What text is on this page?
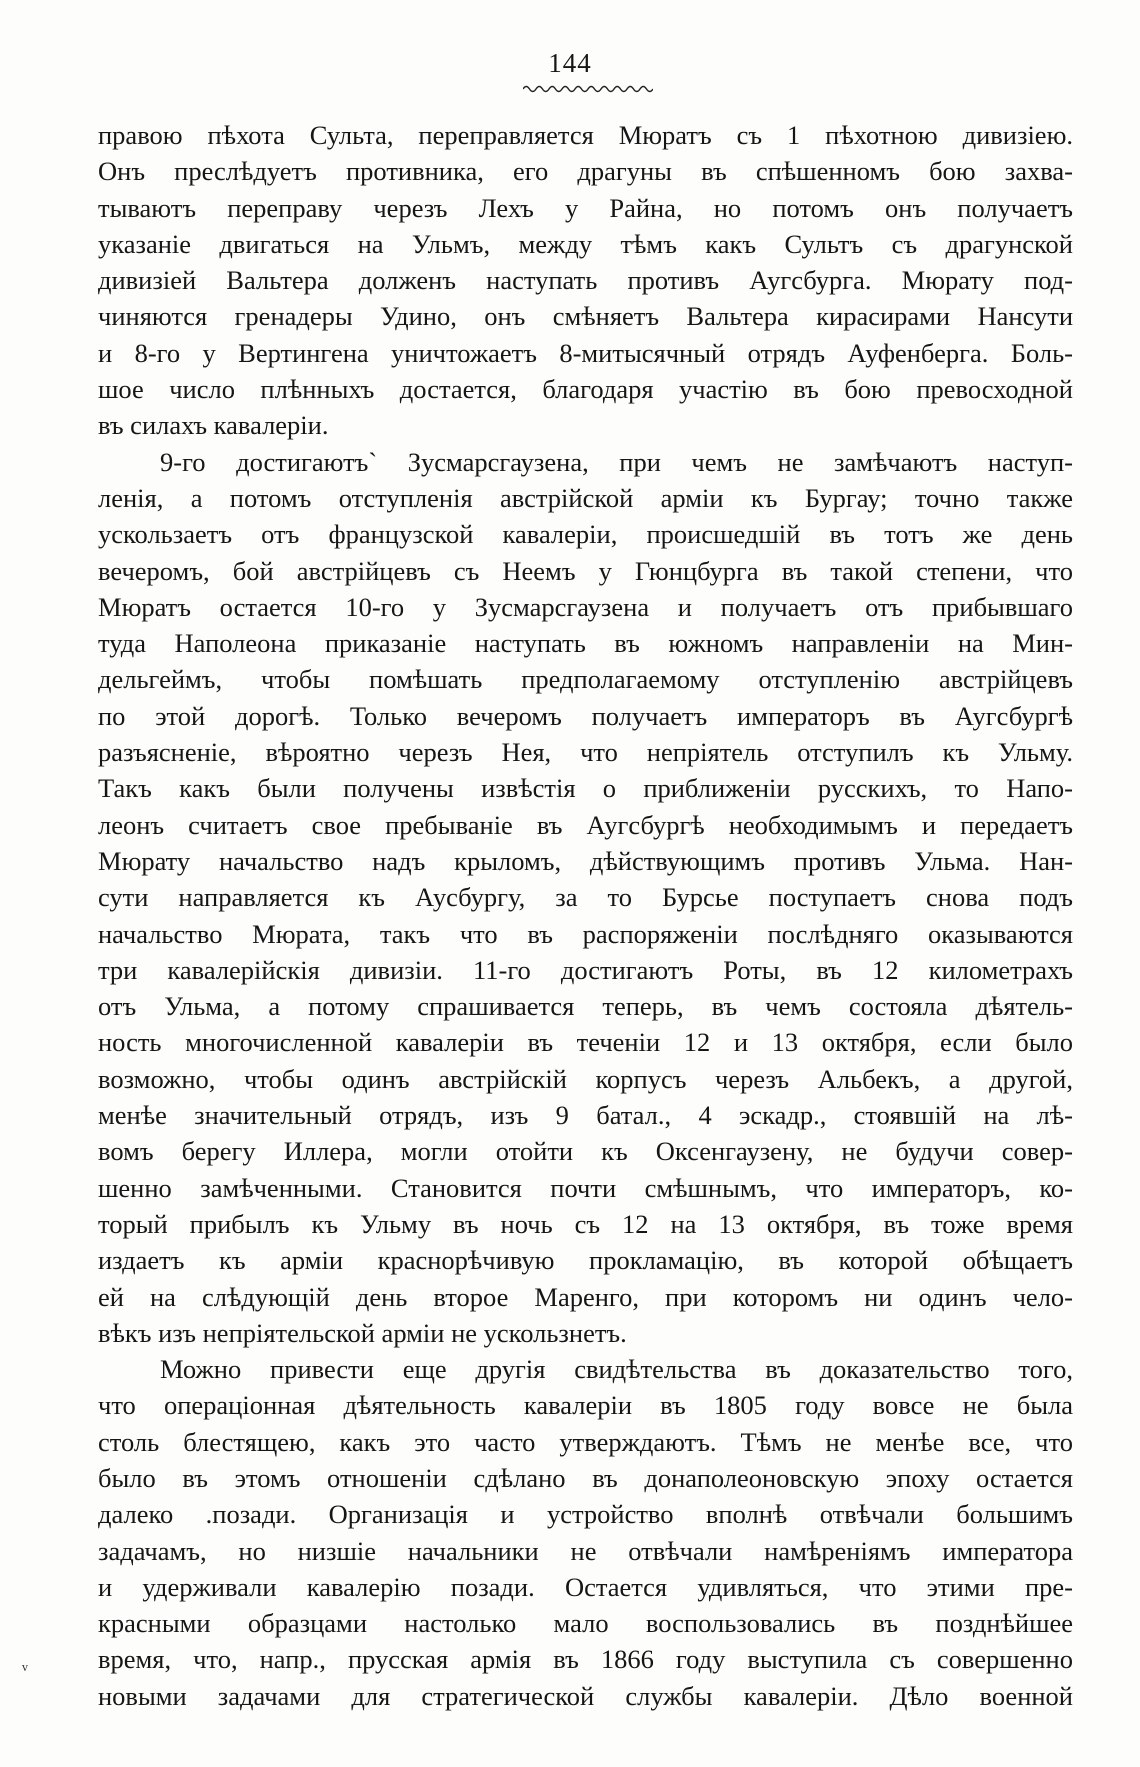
144
правою пѣхота Сульта, переправляется Мюратъ съ 1 пѣхотною дивизіею.
Онъ преслѣдуетъ противника, его драгуны въ спѣшенномъ бою захва-
тываютъ переправу черезъ Лехъ у Райна, но потомъ онъ получаетъ
указаніе двигаться на Ульмъ, между тѣмъ какъ Сультъ съ драгунской
дивизіей Вальтера долженъ наступать противъ Аугсбурга. Мюрату под-
чиняются гренадеры Удино, онъ смѣняетъ Вальтера кирасирами Нансути
и 8-го у Вертингена уничтожаетъ 8-митысячный отрядъ Ауфенберга. Боль-
шое число плѣнныхъ достается, благодаря участію въ бою превосходной
въ силахъ кавалеріи.
9-го достигаютъ` Зусмарсгаузена, при чемъ не замѣчаютъ наступ-
ленія, а потомъ отступленія австрійской арміи къ Бургау; точно также
ускользаетъ отъ французской кавалеріи, происшедшій въ тотъ же день
вечеромъ, бой австрійцевъ съ Неемъ у Гюнцбурга въ такой степени, что
Мюратъ остается 10-го у Зусмарсгаузена и получаетъ отъ прибывшаго
туда Наполеона приказаніе наступать въ южномъ направленіи на Мин-
дельгеймъ, чтобы помѣшать предполагаемому отступленію австрійцевъ
по этой дорогѣ. Только вечеромъ получаетъ императоръ въ Аугсбургѣ
разъясненіе, вѣроятно черезъ Нея, что непріятель отступилъ къ Ульму.
Такъ какъ были получены извѣстія о приближеніи русскихъ, то Напо-
леонъ считаетъ свое пребываніе въ Аугсбургѣ необходимымъ и передаетъ
Мюрату начальство надъ крыломъ, дѣйствующимъ противъ Ульма. Нан-
сути направляется къ Аусбургу, за то Бурсье поступаетъ снова подъ
начальство Мюрата, такъ что въ распоряженіи послѣдняго оказываются
три кавалерійскія дивизіи. 11-го достигаютъ Роты, въ 12 километрахъ
отъ Ульма, а потому спрашивается теперь, въ чемъ состояла дѣятель-
ность многочисленной кавалеріи въ теченіи 12 и 13 октября, если было
возможно, чтобы одинъ австрійскій корпусъ черезъ Альбекъ, а другой,
менѣе значительный отрядъ, изъ 9 батал., 4 эскадр., стоявшій на лѣ-
вомъ берегу Иллера, могли отойти къ Оксенгаузену, не будучи совер-
шенно замѣченными. Становится почти смѣшнымъ, что императоръ, ко-
торый прибылъ къ Ульму въ ночь съ 12 на 13 октября, въ тоже время
издаетъ къ арміи краснорѣчивую прокламацію, въ которой обѣщаетъ
ей на слѣдующій день второе Маренго, при которомъ ни одинъ чело-
вѣкъ изъ непріятельской арміи не ускользнетъ.
Можно привести еще другія свидѣтельства въ доказательство того,
что операціонная дѣятельность кавалеріи въ 1805 году вовсе не была
столь блестящею, какъ это часто утверждаютъ. Тѣмъ не менѣе все, что
было въ этомъ отношеніи сдѣлано въ донаполеоновскую эпоху остается
далеко .позади. Организація и устройство вполнѣ отвѣчали большимъ
задачамъ, но низшіе начальники не отвѣчали намѣреніямъ императора
и удерживали кавалерію позади. Остается удивляться, что этими пре-
красными образцами настолько мало воспользовались въ позднѣйшее
время, что, напр., прусская армія въ 1866 году выступила съ совершенно
новыми задачами для стратегической службы кавалеріи. Дѣло военной
ᵥ
